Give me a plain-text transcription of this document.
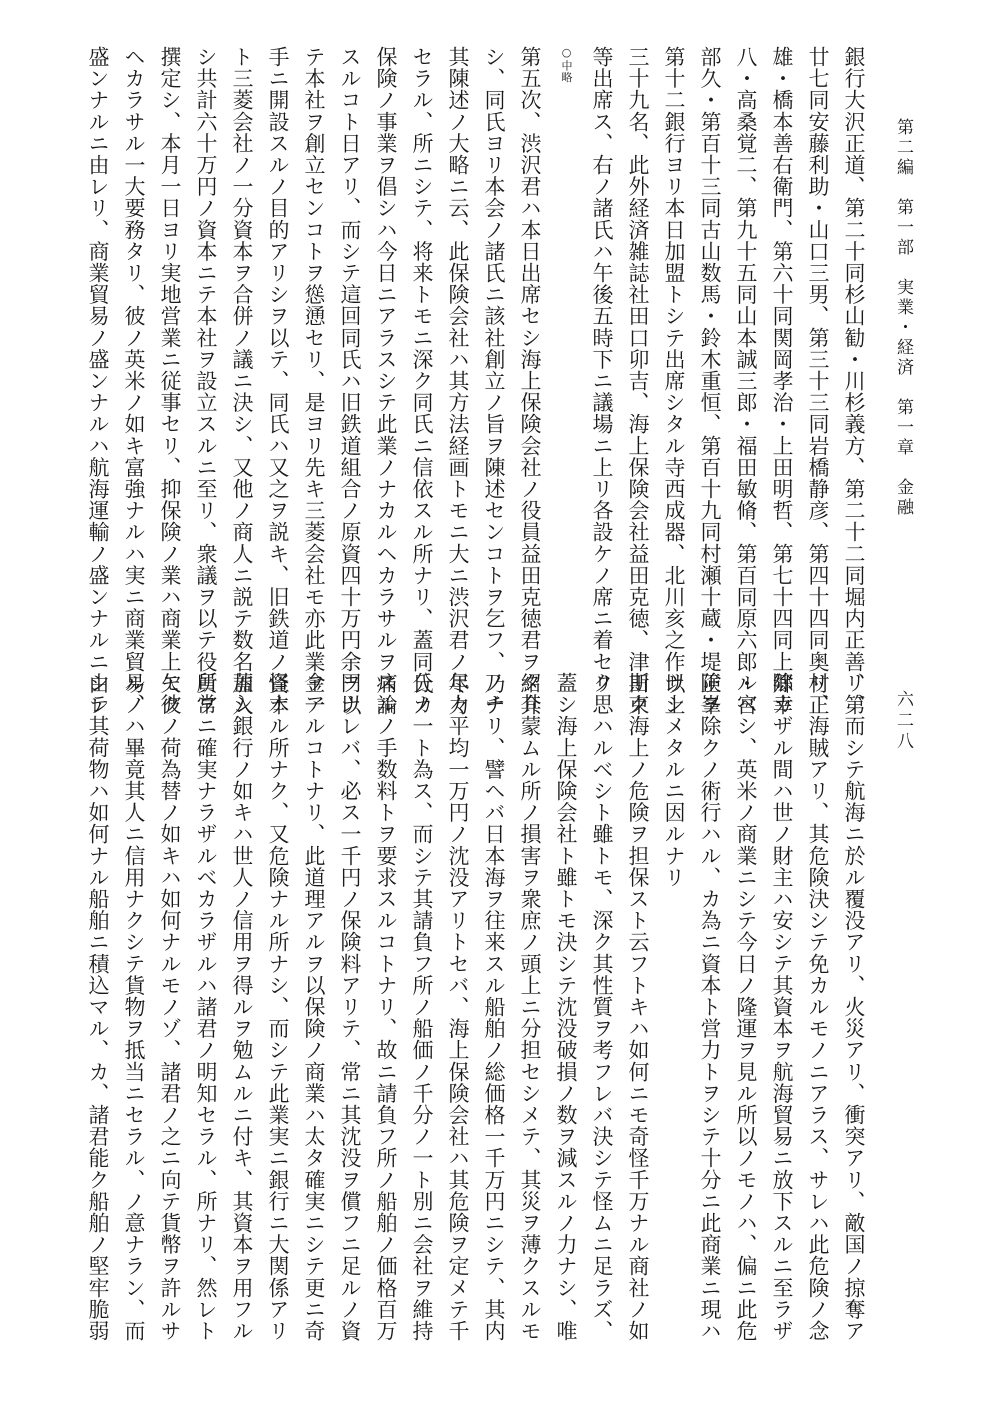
第二編　第一部　実業・経済　第一章　金融
六二八
銀行大沢正道、第二十同杉山勧・川杉義方、第二十二同堀内正善、第
廿七同安藤利助・山口三男、第三十三同岩橋静彦、第四十四同奥村正
雄・橋本善右衛門、第六十同関岡孝治・上田明哲、第七十四同上郷幸
八・高桑覚二、第九十五同山本誠三郎・福田敏脩、第百同原六郎・宮
部久・第百十三同古山数馬・鈴木重恒、第百十九同村瀬十蔵・堤正峯
第十二銀行ヨリ本日加盟トシテ出席シタル寺西成器、北川亥之作以上
三十九名、此外経済雑誌社田口卯吉、海上保険会社益田克徳、津田束
等出席ス、右ノ諸氏ハ午後五時下ニ議場ニ上リ各設ケノ席ニ着セリ
○中略
第五次、渋沢君ハ本日出席セシ海上保険会社ノ役員益田克徳君ヲ紹介
シ、同氏ヨリ本会ノ諸氏ニ該社創立ノ旨ヲ陳述センコトヲ乞フ、乃チ
其陳述ノ大略ニ云、此保険会社ハ其方法経画トモニ大ニ渋沢君ノ尽力
セラル、所ニシテ、将来トモニ深ク同氏ニ信依スル所ナリ、蓋同氏カ
保険ノ事業ヲ倡シハ今日ニアラスシテ此業ノナカルヘカラサルヲ痛論
スルコト日アリ、而シテ這回同氏ハ旧鉄道組合ノ原資四十万円余ヲ以
テ本社ヲ創立センコトヲ慫慂セリ、是ヨリ先キ三菱会社モ亦此業ヲ一
手ニ開設スルノ目的アリシヲ以テ、同氏ハ又之ヲ説キ、旧鉄道ノ資本
ト三菱会社ノ一分資本ヲ合併ノ議ニ決シ、又他ノ商人ニ説テ数名加入
シ共計六十万円ノ資本ニテ本社ヲ設立スルニ至リ、衆議ヲ以テ役員ヲ
撰定シ、本月一日ヨリ実地営業ニ従事セリ、抑保険ノ業ハ商業上欠ク
ヘカラサル一大要務タリ、彼ノ英米ノ如キ富強ナルハ実ニ商業貿易ノ
盛ンナルニ由レリ、商業貿易ノ盛ンナルハ航海運輸ノ盛ンナルニ由レ
リ、而シテ航海ニ於ル覆没アリ、火災アリ、衝突アリ、敵国ノ掠奪ア
リ、海賊アリ、其危険決シテ免カルモノニアラス、サレハ此危険ノ念
除カザル間ハ世ノ財主ハ安シテ其資本ヲ航海貿易ニ放下スルニ至ラザ
ルベシ、英米ノ商業ニシテ今日ノ隆運ヲ見ル所以ノモノハ、偏ニ此危
険ヲ除クノ術行ハル、カ為ニ資本ト営力トヲシテ十分ニ此商業ニ現ハ
サシメタルニ因ルナリ
斯ク海上ノ危険ヲ担保スト云フトキハ如何ニモ奇怪千万ナル商社ノ如
ク思ハルベシト雖トモ、深ク其性質ヲ考フレバ決シテ怪ムニ足ラズ、
蓋シ海上保険会社ト雖トモ決シテ沈没破損ノ数ヲ減スルノ力ナシ、唯
タ其蒙ムル所ノ損害ヲ衆庶ノ頭上ニ分担セシメテ、其災ヲ薄クスルモ
ノナリ、譬ヘバ日本海ヲ往来スル船舶ノ総価格一千万円ニシテ、其内
年々平均一万円ノ沈没アリトセバ、海上保険会社ハ其危険ヲ定メテ千
分ノ一ト為ス、而シテ其請負フ所ノ船価ノ千分ノ一ト別ニ会社ヲ維持
スルノ手数料トヲ要求スルコトナリ、故ニ請負フ所ノ船舶ノ価格百万
円ナレバ、必ス一千円ノ保険料アリテ、常ニ其沈没ヲ償フニ足ルノ資
金アルコトナリ、此道理アルヲ以保険ノ商業ハ太タ確実ニシテ更ニ奇
怪ナル所ナク、又危険ナル所ナシ、而シテ此業実ニ銀行ニ大関係アリ
蓋シ銀行ノ如キハ世人ノ信用ヲ得ルヲ勉ムルニ付キ、其資本ヲ用フル
所常ニ確実ナラザルベカラザルハ諸君ノ明知セラル、所ナリ、然レト
モ彼ノ荷為替ノ如キハ如何ナルモノゾ、諸君ノ之ニ向テ貨幣ヲ許ルサ
ル、ハ畢竟其人ニ信用ナクシテ貨物ヲ抵当ニセラル、ノ意ナラン、而
シテ其荷物ハ如何ナル船舶ニ積込マル、カ、諸君能ク船舶ノ堅牢脆弱
